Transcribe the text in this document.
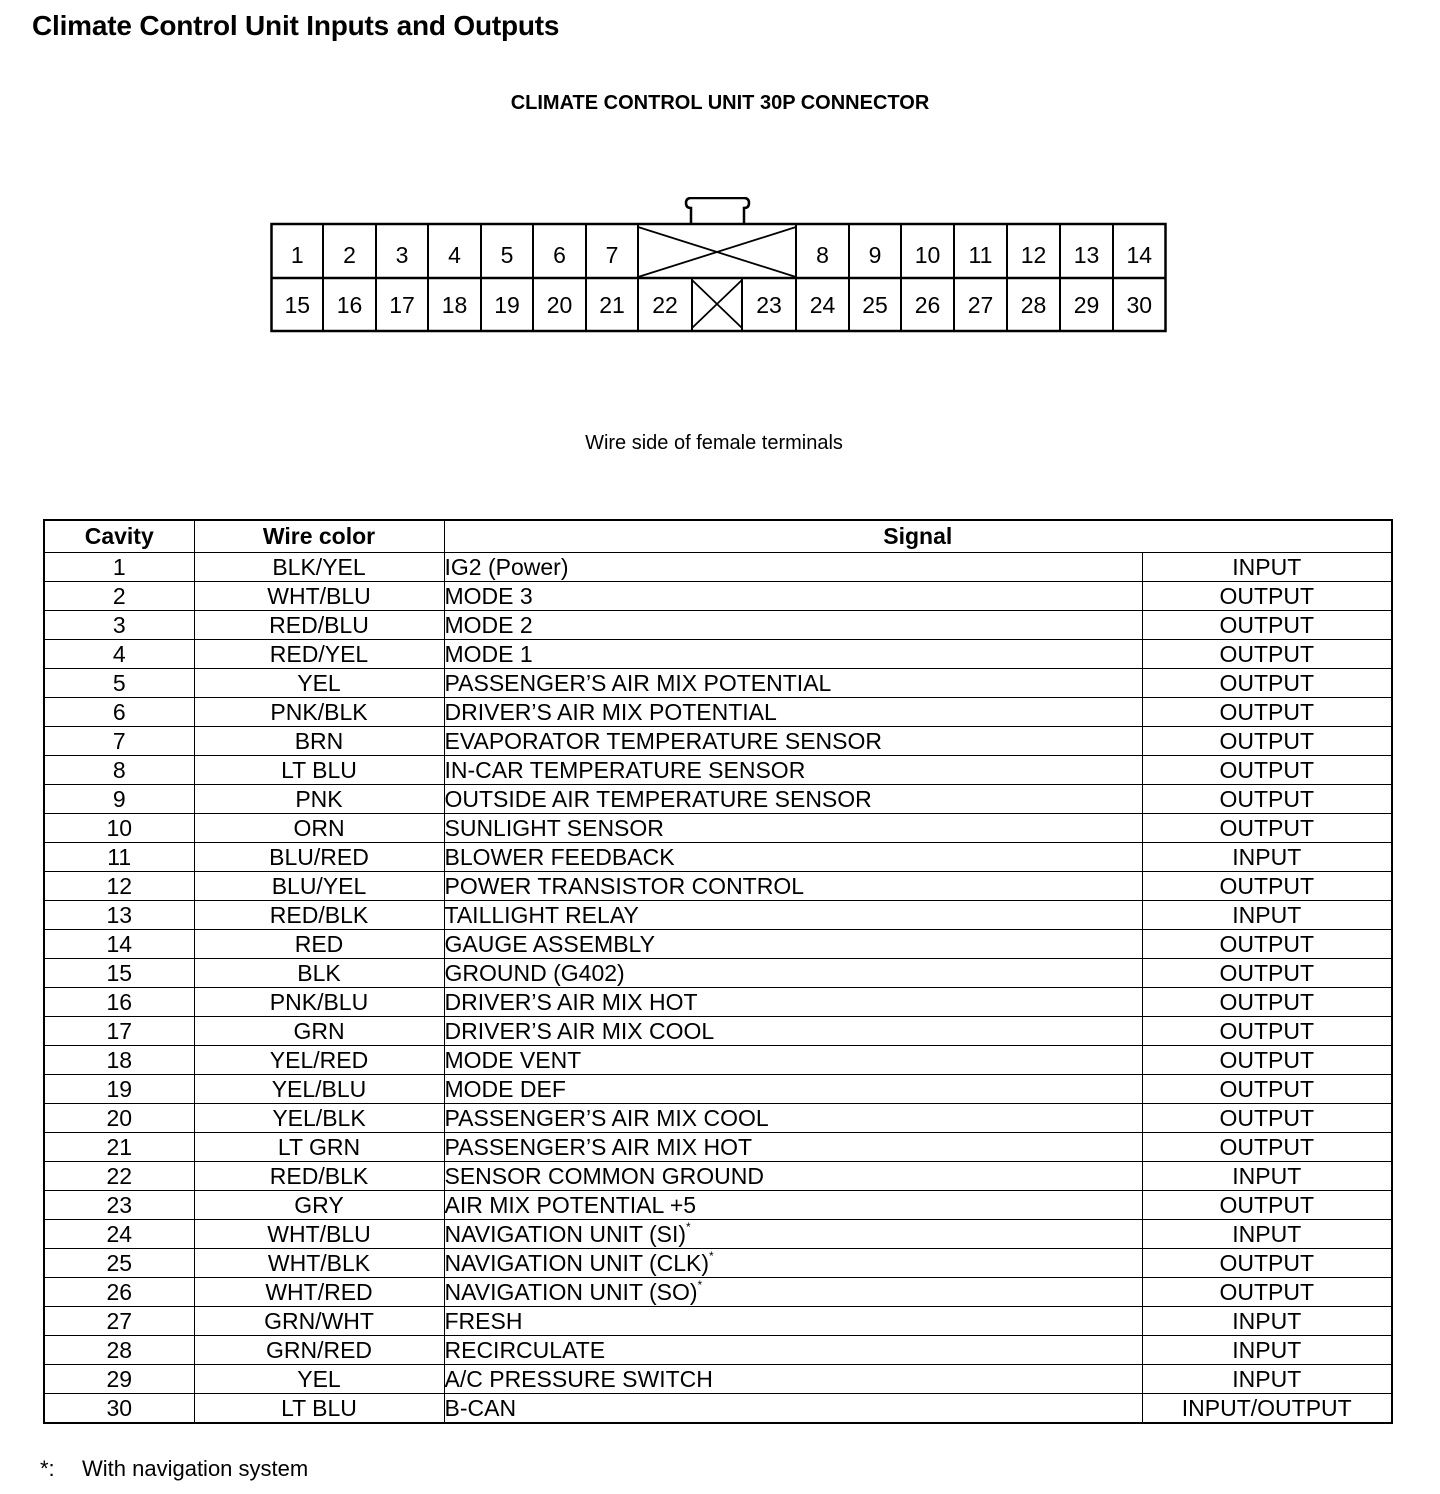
Climate Control Unit Inputs and Outputs
CLIMATE CONTROL UNIT 30P CONNECTOR
1 2 3 4 5 6 7	8 9 10 11 12 13 14
15 16 17 18 19 20 21 22	23 24 25 26 27 28 29 30
Wire side of female terminals
Cavity	Wire color	Signal	
1	BLK/YEL	IG2 (Power)	INPUT
2	WHT/BLU	MODE 3	OUTPUT
3	RED/BLU	MODE 2	OUTPUT
4	RED/YEL	MODE 1	OUTPUT
5	YEL	PASSENGER’S AIR MIX POTENTIAL	OUTPUT
6	PNK/BLK	DRIVER’S AIR MIX POTENTIAL	OUTPUT
7	BRN	EVAPORATOR TEMPERATURE SENSOR	OUTPUT
8	LT BLU	IN-CAR TEMPERATURE SENSOR	OUTPUT
9	PNK	OUTSIDE AIR TEMPERATURE SENSOR	OUTPUT
10	ORN	SUNLIGHT SENSOR	OUTPUT
11	BLU/RED	BLOWER FEEDBACK	INPUT
12	BLU/YEL	POWER TRANSISTOR CONTROL	OUTPUT
13	RED/BLK	TAILLIGHT RELAY	INPUT
14	RED	GAUGE ASSEMBLY	OUTPUT
15	BLK	GROUND (G402)	OUTPUT
16	PNK/BLU	DRIVER’S AIR MIX HOT	OUTPUT
17	GRN	DRIVER’S AIR MIX COOL	OUTPUT
18	YEL/RED	MODE VENT	OUTPUT
19	YEL/BLU	MODE DEF	OUTPUT
20	YEL/BLK	PASSENGER’S AIR MIX COOL	OUTPUT
21	LT GRN	PASSENGER’S AIR MIX HOT	OUTPUT
22	RED/BLK	SENSOR COMMON GROUND	INPUT
23	GRY	AIR MIX POTENTIAL +5	OUTPUT
24	WHT/BLU	NAVIGATION UNIT (SI)*	INPUT
25	WHT/BLK	NAVIGATION UNIT (CLK)*	OUTPUT
26	WHT/RED	NAVIGATION UNIT (SO)*	OUTPUT
27	GRN/WHT	FRESH	INPUT
28	GRN/RED	RECIRCULATE	INPUT
29	YEL	A/C PRESSURE SWITCH	INPUT
30	LT BLU	B-CAN	INPUT/OUTPUT
*: With navigation system
